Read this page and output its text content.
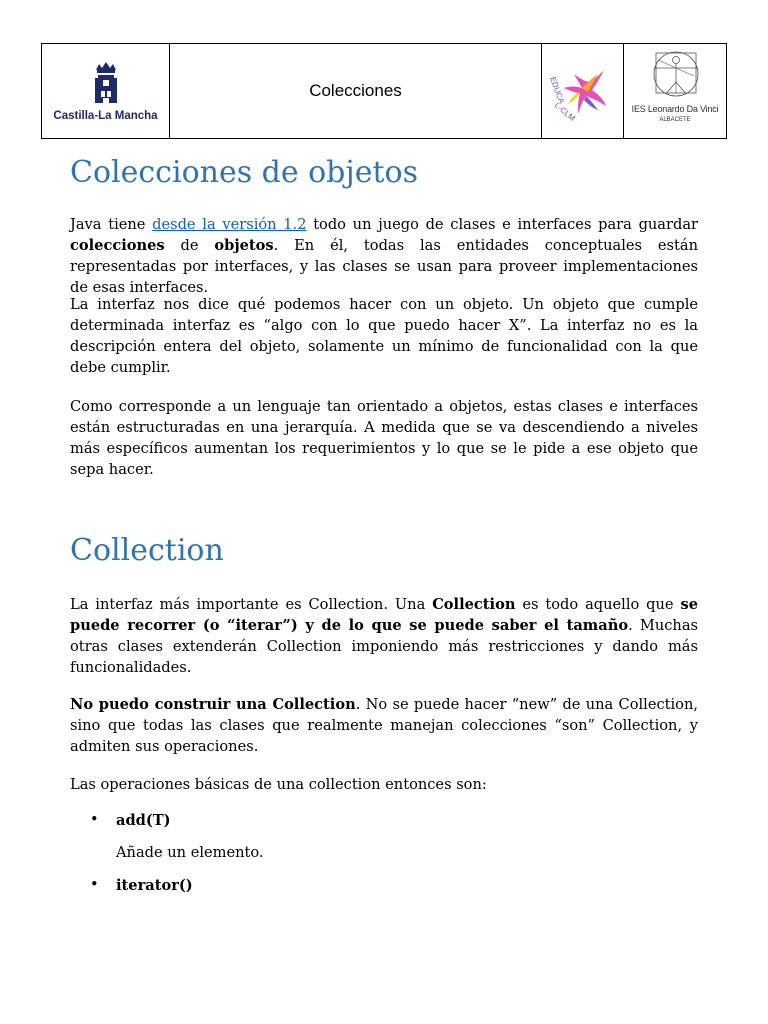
Castilla-La Mancha
Colecciones	EDUCA
L-CLM	IES Leonardo Da Vinci
ALBACETE
Colecciones de objetos

Java tiene desde la versión 1.2 todo un juego de clases e interfaces para guardar colecciones de objetos. En él, todas las entidades conceptuales están representadas por interfaces, y las clases se usan para proveer implementaciones de esas interfaces.

La interfaz nos dice qué podemos hacer con un objeto. Un objeto que cumple determinada interfaz es “algo con lo que puedo hacer X”. La interfaz no es la descripción entera del objeto, solamente un mínimo de funcionalidad con la que debe cumplir.

Como corresponde a un lenguaje tan orientado a objetos, estas clases e interfaces están estructuradas en una jerarquía. A medida que se va descendiendo a niveles más específicos aumentan los requerimientos y lo que se le pide a ese objeto que sepa hacer.

Collection

La interfaz más importante es Collection. Una Collection es todo aquello que se puede recorrer (o “iterar”) y de lo que se puede saber el tamaño. Muchas otras clases extenderán Collection imponiendo más restricciones y dando más funcionalidades.

No puedo construir una Collection. No se puede hacer “new” de una Collection, sino que todas las clases que realmente manejan colecciones “son” Collection, y admiten sus operaciones.

Las operaciones básicas de una collection entonces son:

• add(T)
Añade un elemento.
• iterator()
